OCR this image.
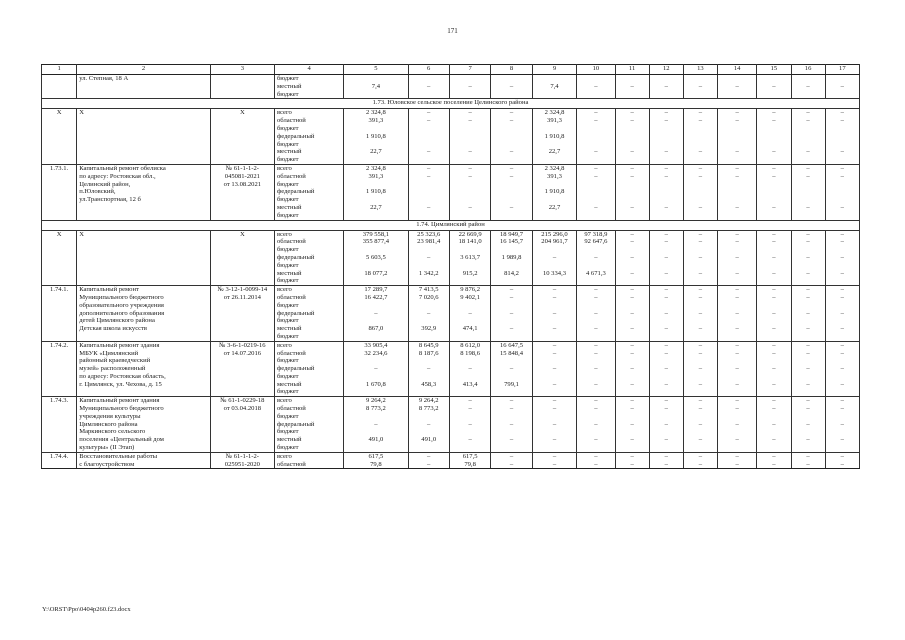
171
1	2	3	4	5	6	7	8	9	10	11	12	13	14	15	16	17
	ул. Степная, 18 А		бюджет													
			местный	7,4	–	–	–	7,4	–	–	–	–	–	–	–	–
			бюджет													
1.73. Юловское сельское поселение Целинского района																
Х	Х	Х	всего	2 324,8	–	–	–	2 324,8	–	–	–	–	–	–	–	–
			областной	391,3	–	–	–	391,3	–	–	–	–	–	–	–	–
			бюджет													
			федеральный	1 910,8				1 910,8								
			бюджет													
			местный	22,7	–	–	–	22,7	–	–	–	–	–	–	–	–
			бюджет													
1.73.1.	Капитальный ремонт обелиска	№ 61-1-1-2-	всего	2 324,8	–	–	–	2 324,8	–	–	–	–	–	–	–	–
	по адресу: Ростовская обл.,	045081-2021	областной	391,3	–	–	–	391,3	–	–	–	–	–	–	–	–
	Целинский район,	от 13.08.2021	бюджет													
	п.Юловский,		федеральный	1 910,8				1 910,8								
	ул.Транспортная, 12 б		бюджет													
			местный	22,7	–	–	–	22,7	–	–	–	–	–	–	–	–
			бюджет													
1.74. Цимлянский район																
Х	Х	Х	всего	379 558,1	25 323,6	22 669,9	18 949,7	215 296,0	97 318,9	–	–	–	–	–	–	–
			областной	355 877,4	23 981,4	18 141,0	16 145,7	204 961,7	92 647,6	–	–	–	–	–	–	–
			бюджет													
			федеральный	5 603,5	–	3 613,7	1 989,8	–	–	–	–	–	–	–	–	–
			бюджет													
			местный	18 077,2	1 342,2	915,2	814,2	10 334,3	4 671,3	–	–	–	–	–	–	–
			бюджет													
1.74.1.	Капитальный ремонт	№ 3-12-1-0099-14	всего	17 289,7	7 413,5	9 876,2	–	–	–	–	–	–	–	–	–	–
	Муниципального бюджетного	от 26.11.2014	областной	16 422,7	7 020,6	9 402,1	–	–	–	–	–	–	–	–	–	–
	образовательного учреждения		бюджет													
	дополнительного образования		федеральный	–	–	–	–	–	–	–	–	–	–	–	–	–
	детей Цимлянского района		бюджет													
	Детская школа искусств		местный	867,0	392,9	474,1	–	–	–	–	–	–	–	–	–	–
			бюджет													
1.74.2.	Капитальный ремонт здания	№ 3-6-1-0219-16	всего	33 905,4	8 645,9	8 612,0	16 647,5	–	–	–	–	–	–	–	–	–
	МБУК «Цимлянский	от 14.07.2016	областной	32 234,6	8 187,6	8 198,6	15 848,4	–	–	–	–	–	–	–	–	–
	районный краеведческий		бюджет													
	музей» расположенный		федеральный	–	–	–	–	–	–	–	–	–	–	–	–	–
	по адресу: Ростовская область,		бюджет													
	г. Цимлянск, ул. Чехова, д. 15		местный	1 670,8	458,3	413,4	799,1	–	–	–	–	–	–	–	–	–
			бюджет													
1.74.3.	Капитальный ремонт здания	№ 61-1-0229-18	всего	9 264,2	9 264,2	–	–	–	–	–	–	–	–	–	–	–
	Муниципального бюджетного	от 03.04.2018	областной	8 773,2	8 773,2	–	–	–	–	–	–	–	–	–	–	–
	учреждения культуры		бюджет													
	Цимлянского района		федеральный	–	–	–	–	–	–	–	–	–	–	–	–	–
	Маркинского сельского		бюджет													
	поселения «Центральный дом		местный	491,0	491,0	–	–	–	–	–	–	–	–	–	–	–
	культуры» (II Этап)		бюджет													
1.74.4.	Восстановительные работы	№ 61-1-1-2-	всего	617,5	–	617,5	–	–	–	–	–	–	–	–	–	–
	с благоустройством	025951-2020	областной	79,8	–	79,8	–	–	–	–	–	–	–	–	–	–
Y:\ORST\Ppo\0404p260.f23.docx
